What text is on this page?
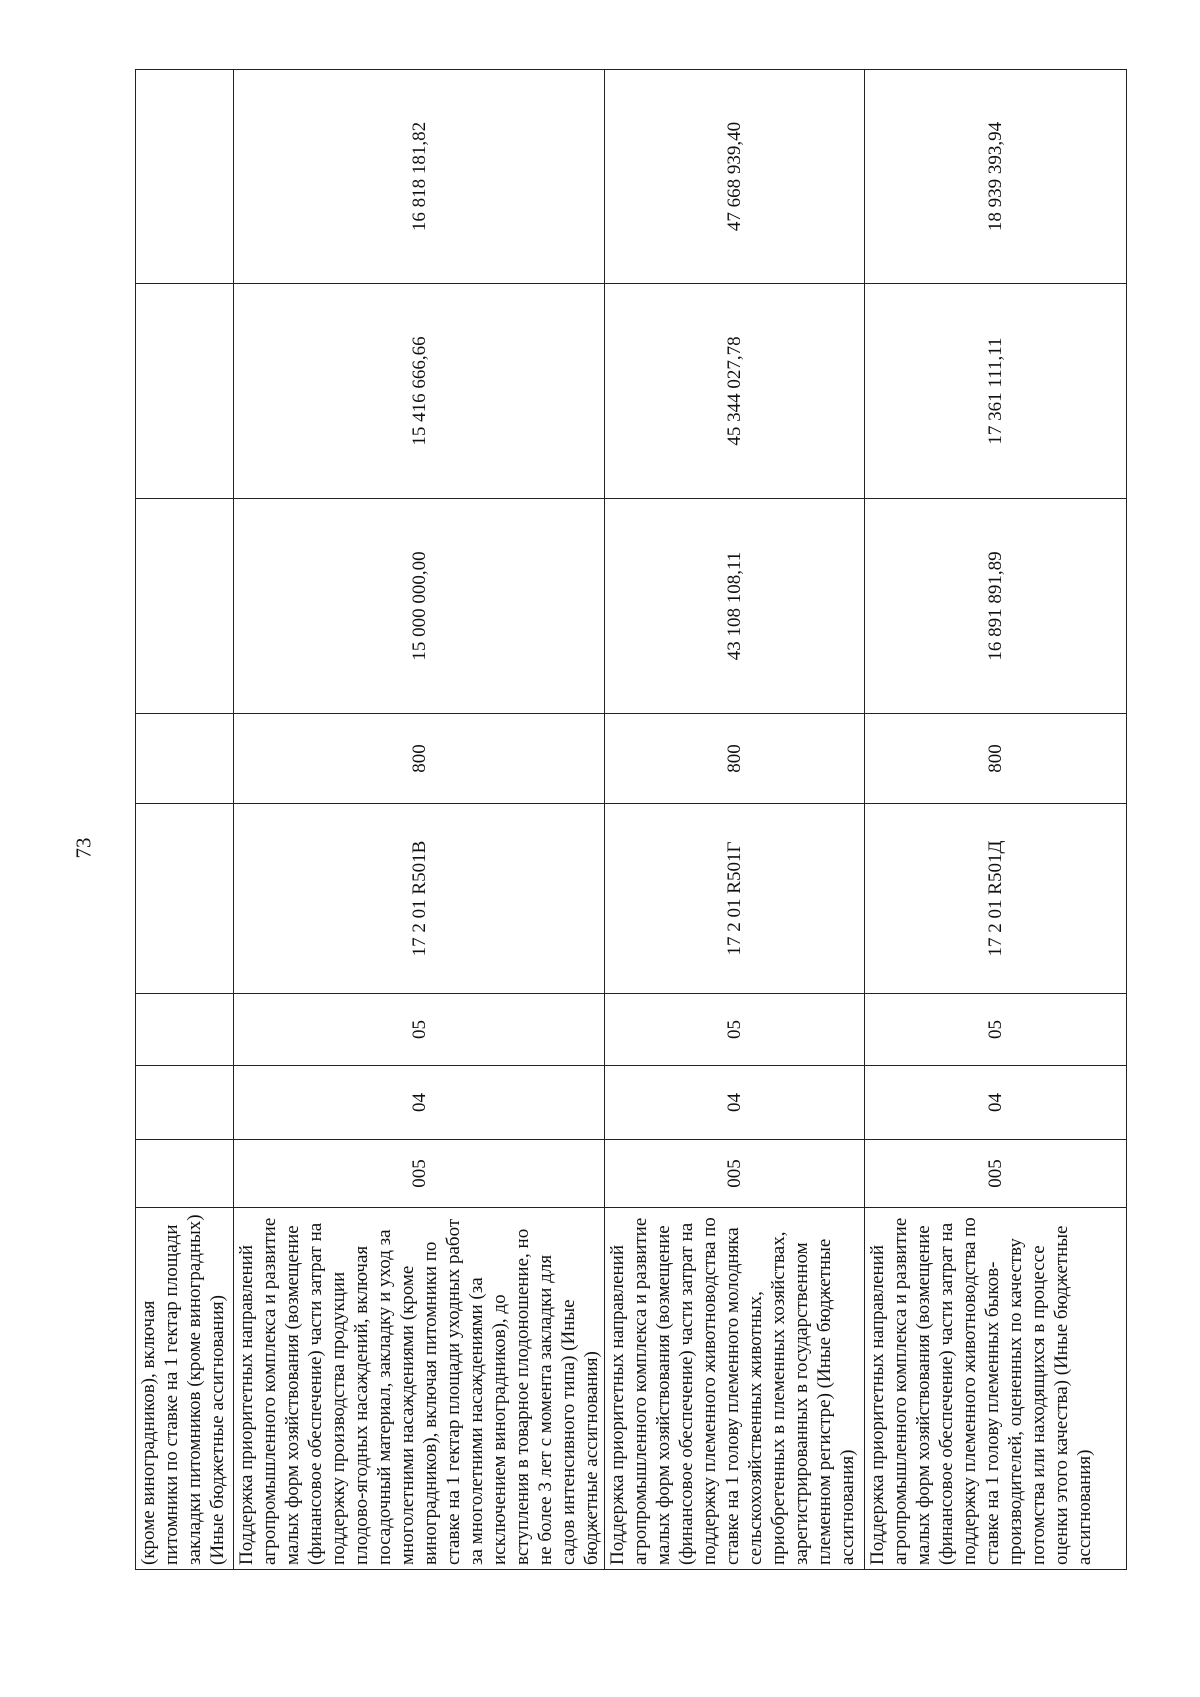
73
(кроме виноградников), включая питомники по ставке на 1 гектар площади закладки питомников (кроме виноградных) (Иные бюджетные ассигнования)								
Поддержка приоритетных направлений агропромышленного комплекса и развитие малых форм хозяйствования (возмещение (финансовое обеспечение) части затрат на поддержку производства продукции плодово-ягодных насаждений, включая посадочный материал, закладку и уход за многолетними насаждениями (кроме виноградников), включая питомники по ставке на 1 гектар площади уходных работ за многолетними насаждениями (за исключением виноградников), до вступления в товарное плодоношение, но не более 3 лет с момента закладки для садов интенсивного типа) (Иные бюджетные ассигнования)	005	04	05	17 2 01 R501В	800	15 000 000,00	15 416 666,66	16 818 181,82
Поддержка приоритетных направлений агропромышленного комплекса и развитие малых форм хозяйствования (возмещение (финансовое обеспечение) части затрат на поддержку племенного животноводства по ставке на 1 голову племенного молодняка сельскохозяйственных животных, приобретенных в племенных хозяйствах, зарегистрированных в государственном племенном регистре) (Иные бюджетные ассигнования)	005	04	05	17 2 01 R501Г	800	43 108 108,11	45 344 027,78	47 668 939,40
Поддержка приоритетных направлений агропромышленного комплекса и развитие малых форм хозяйствования (возмещение (финансовое обеспечение) части затрат на поддержку племенного животноводства по ставке на 1 голову племенных быков-производителей, оцененных по качеству потомства или находящихся в процессе оценки этого качества) (Иные бюджетные ассигнования)	005	04	05	17 2 01 R501Д	800	16 891 891,89	17 361 111,11	18 939 393,94
